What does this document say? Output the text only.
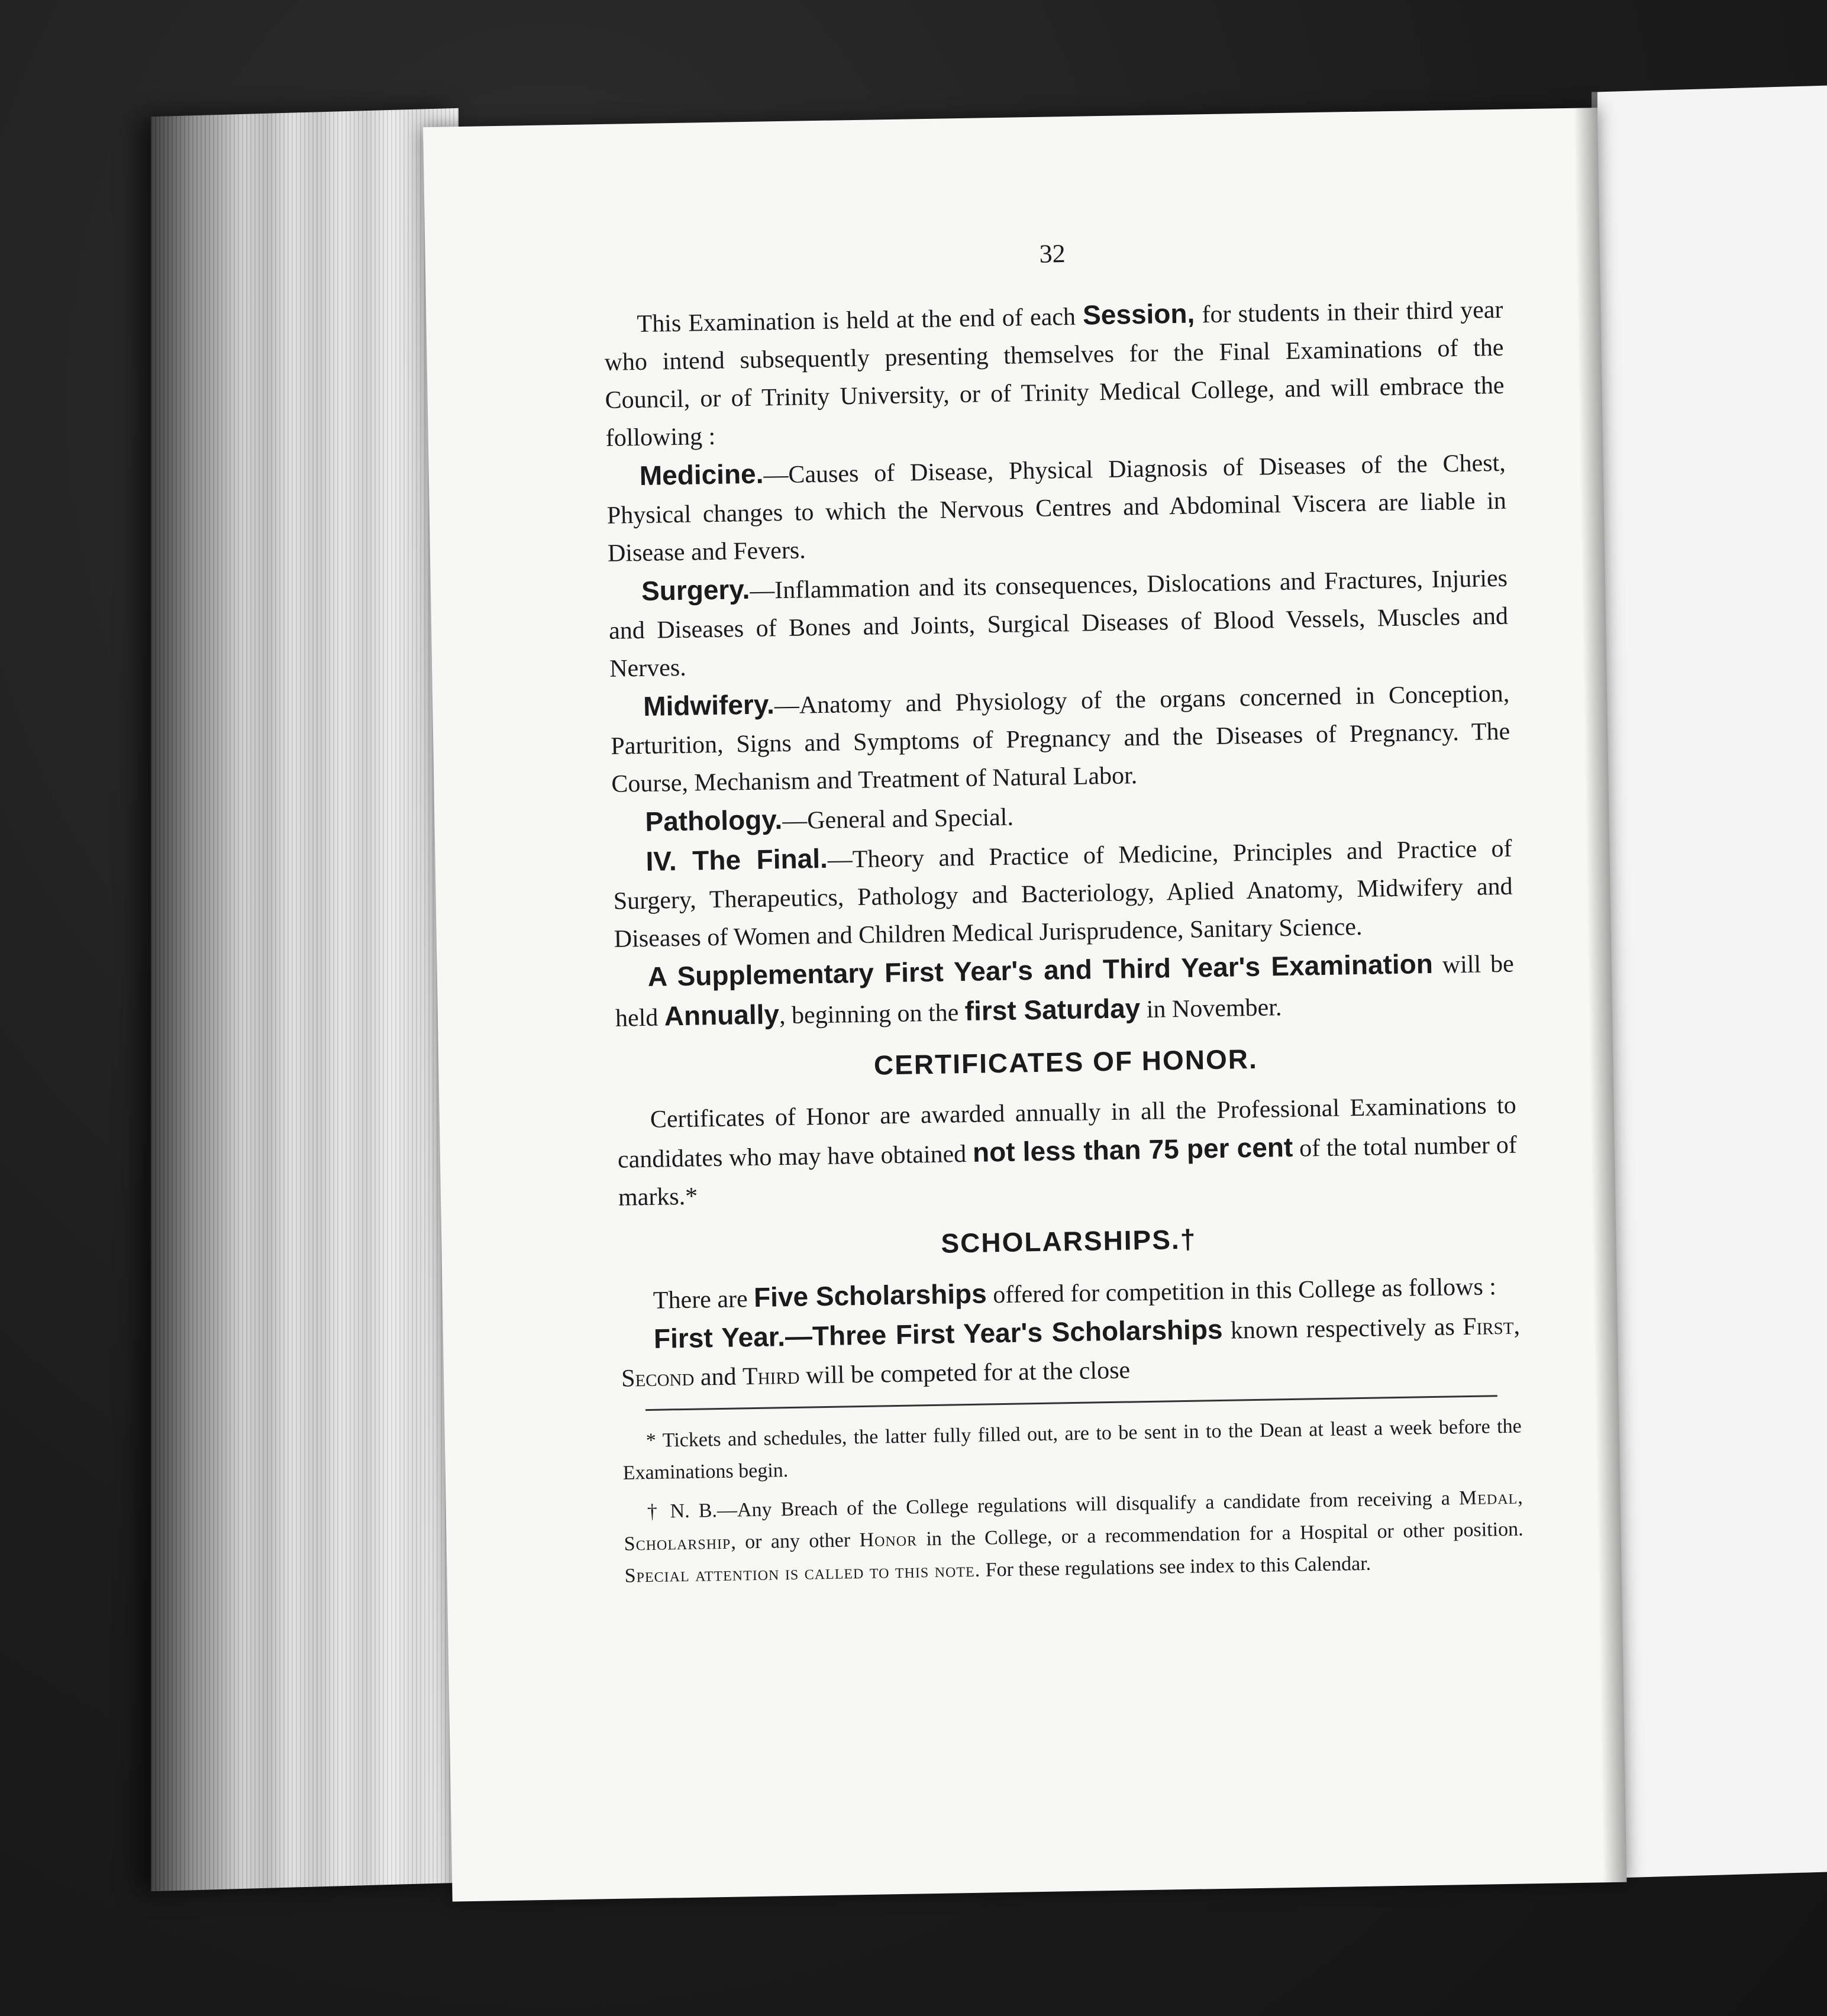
32

This Examination is held at the end of each Session, for students in their third year who intend subsequently presenting themselves for the Final Examinations of the Council, or of Trinity University, or of Trinity Medical College, and will embrace the following :

Medicine.—Causes of Disease, Physical Diagnosis of Diseases of the Chest, Physical changes to which the Nervous Centres and Abdominal Viscera are liable in Disease and Fevers.

Surgery.—Inflammation and its consequences, Dislocations and Fractures, Injuries and Diseases of Bones and Joints, Surgical Diseases of Blood Vessels, Muscles and Nerves.

Midwifery.—Anatomy and Physiology of the organs concerned in Conception, Parturition, Signs and Symptoms of Pregnancy and the Diseases of Pregnancy. The Course, Mechanism and Treatment of Natural Labor.

Pathology.—General and Special.

IV. The Final.—Theory and Practice of Medicine, Principles and Practice of Surgery, Therapeutics, Pathology and Bacteriology, Aplied Anatomy, Midwifery and Diseases of Women and Children Medical Jurisprudence, Sanitary Science.

A Supplementary First Year's and Third Year's Examination will be held Annually, beginning on the first Saturday in November.

CERTIFICATES OF HONOR.

Certificates of Honor are awarded annually in all the Professional Examinations to candidates who may have obtained not less than 75 per cent of the total number of marks.*

SCHOLARSHIPS.†

There are Five Scholarships offered for competition in this College as follows :

First Year.—Three First Year's Scholarships known respectively as First, Second and Third will be competed for at the close

* Tickets and schedules, the latter fully filled out, are to be sent in to the Dean at least a week before the Examinations begin.
† N. B.—Any Breach of the College regulations will disqualify a candidate from receiving a Medal, Scholarship, or any other Honor in the College, or a recommendation for a Hospital or other position. Special attention is called to this note. For these regulations see index to this Calendar.
